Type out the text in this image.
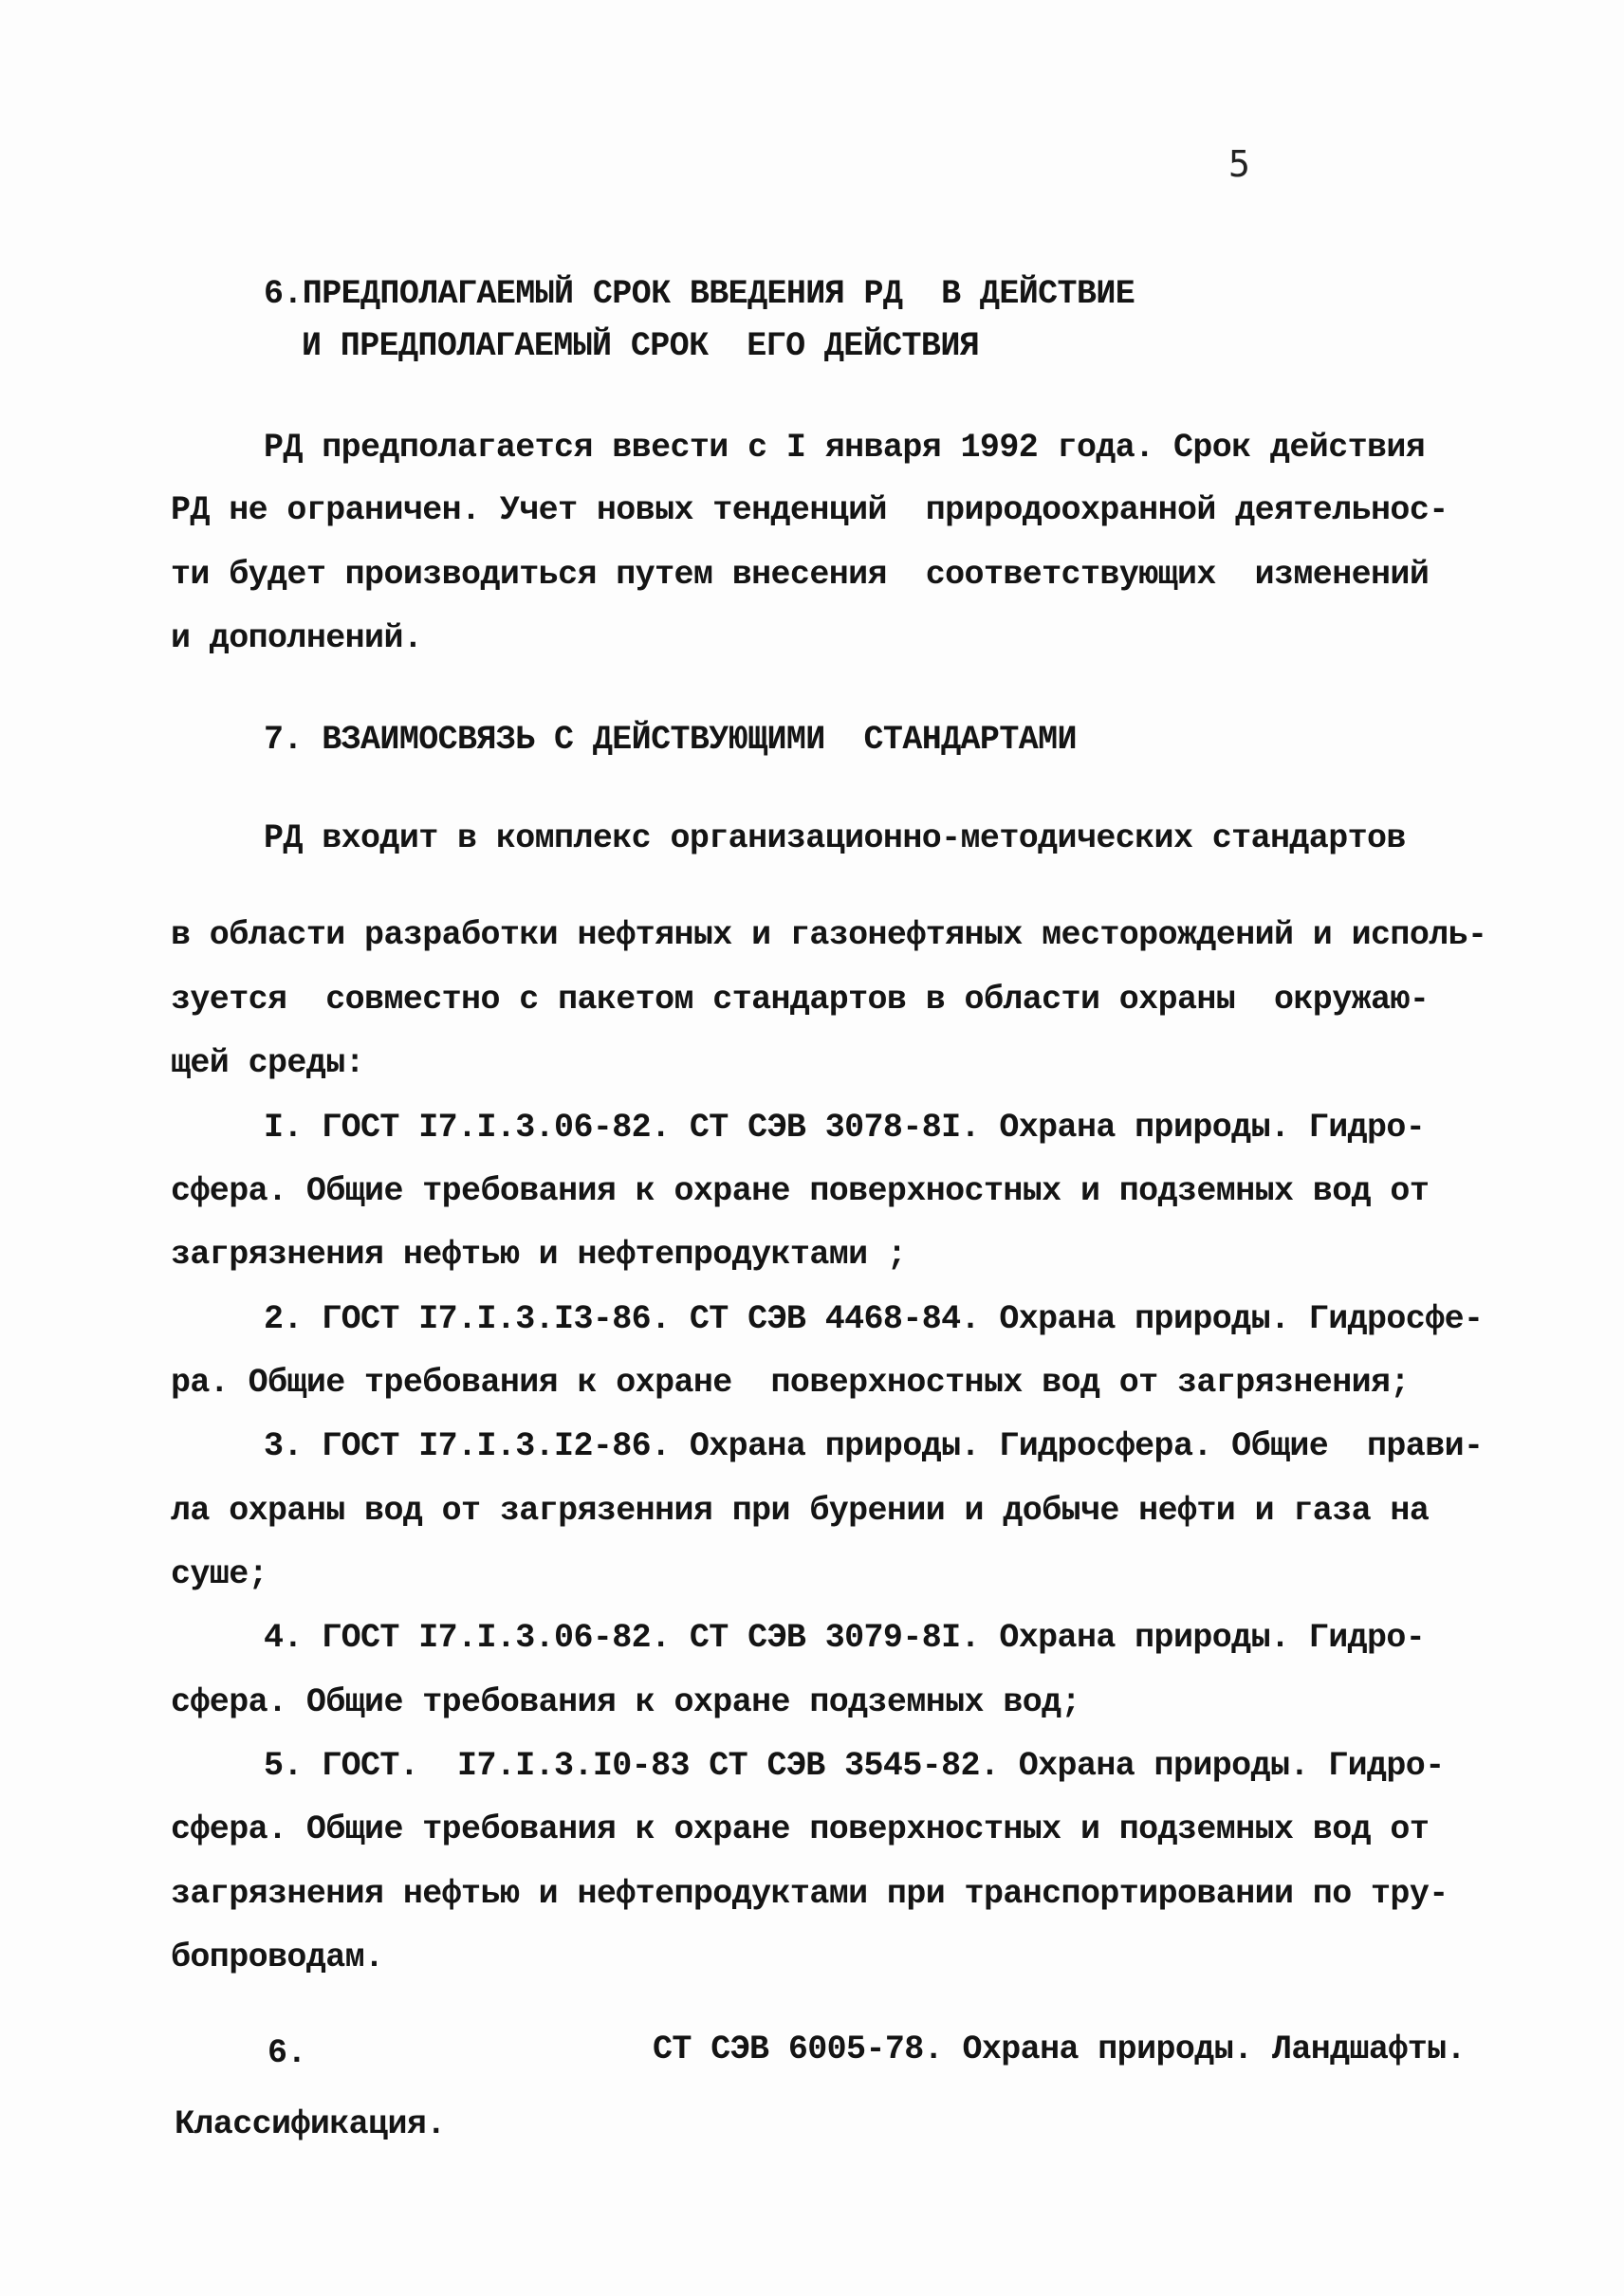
5
6.ПРЕДПОЛАГАЕМЫЙ СРОК ВВЕДЕНИЯ РД  В ДЕЙСТВИЕ
И ПРЕДПОЛАГАЕМЫЙ СРОК  ЕГО ДЕЙСТВИЯ
РД предполагается ввести с I января 1992 года. Срок действия
РД не ограничен. Учет новых тенденций  природоохранной деятельнос-
ти будет производиться путем внесения  соответствующих  изменений
и дополнений.
7. ВЗАИМОСВЯЗЬ С ДЕЙСТВУЮЩИМИ  СТАНДАРТАМИ
РД входит в комплекс организационно-методических стандартов
в области разработки нефтяных и газонефтяных месторождений и исполь-
зуется  совместно с пакетом стандартов в области охраны  окружаю-
щей среды:
I. ГОСТ I7.I.3.06-82. СТ СЭВ 3078-8I. Охрана природы. Гидро-
сфера. Общие требования к охране поверхностных и подземных вод от
загрязнения нефтью и нефтепродуктами ;
2. ГОСТ I7.I.3.I3-86. СТ СЭВ 4468-84. Охрана природы. Гидросфе-
ра. Общие требования к охране  поверхностных вод от загрязнения;
3. ГОСТ I7.I.3.I2-86. Охрана природы. Гидросфера. Общие  прави-
ла охраны вод от загрязенния при бурении и добыче нефти и газа на
суше;
4. ГОСТ I7.I.3.06-82. СТ СЭВ 3079-8I. Охрана природы. Гидро-
сфера. Общие требования к охране подземных вод;
5. ГОСТ.  I7.I.3.I0-83 СТ СЭВ 3545-82. Охрана природы. Гидро-
сфера. Общие требования к охране поверхностных и подземных вод от
загрязнения нефтью и нефтепродуктами при транспортировании по тру-
бопроводам.
6.	СТ СЭВ 6005-78. Охрана природы. Ландшафты.
Классификация.
